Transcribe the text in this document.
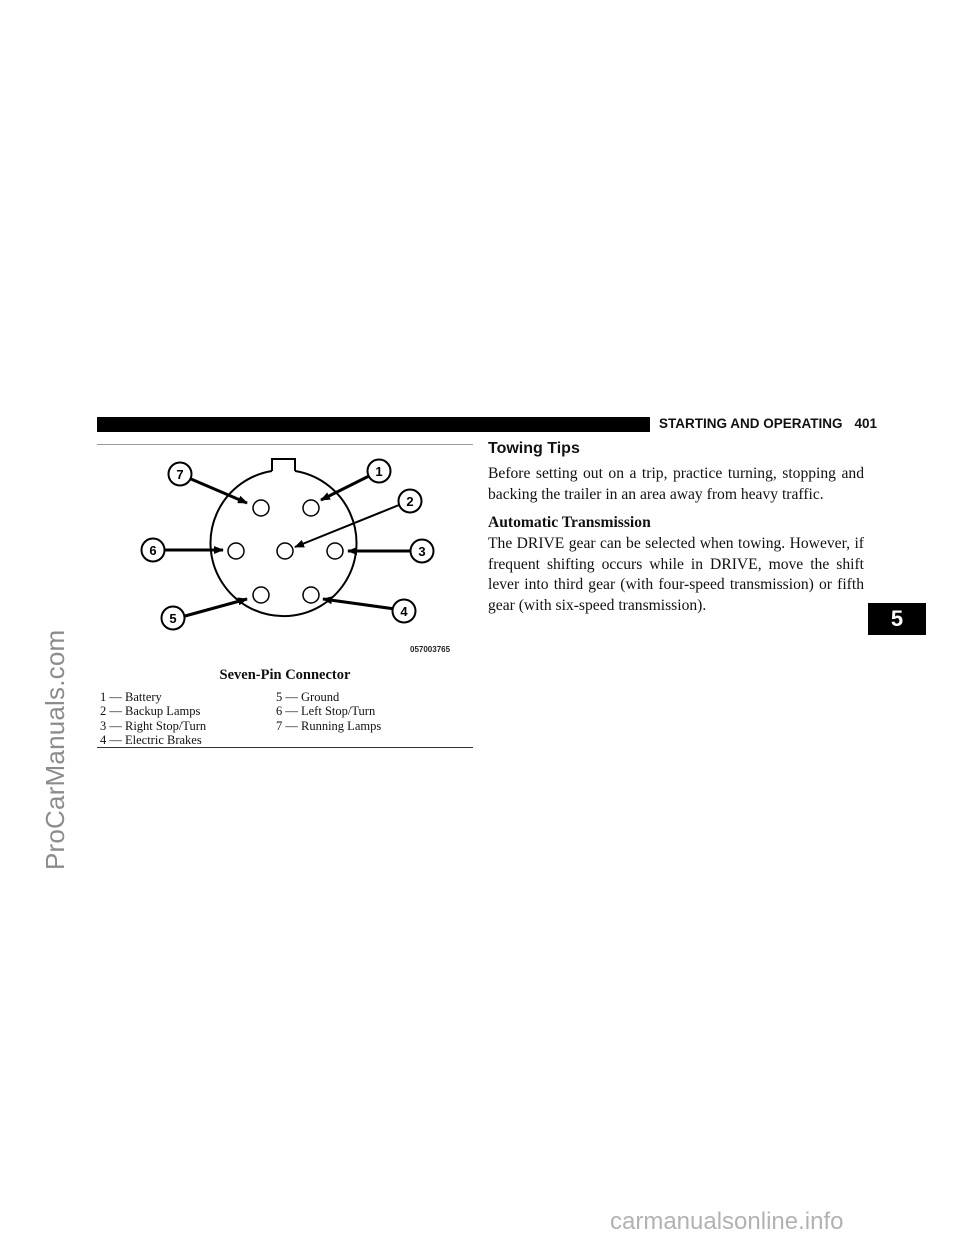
ProCarManuals.com
STARTING AND OPERATING 401
7	1
2
6	3
5	4
057003765
Seven-Pin Connector
1 — Battery	5 — Ground
2 — Backup Lamps	6 — Left Stop/Turn
3 — Right Stop/Turn	7 — Running Lamps
4 — Electric Brakes
Towing Tips

Before setting out on a trip, practice turning, stopping and backing the trailer in an area away from heavy traffic.

Automatic Transmission

The DRIVE gear can be selected when towing. However, if frequent shifting occurs while in DRIVE, move the shift lever into third gear (with four-speed transmission) or fifth gear (with six-speed transmission).

5
carmanualsonline.info
